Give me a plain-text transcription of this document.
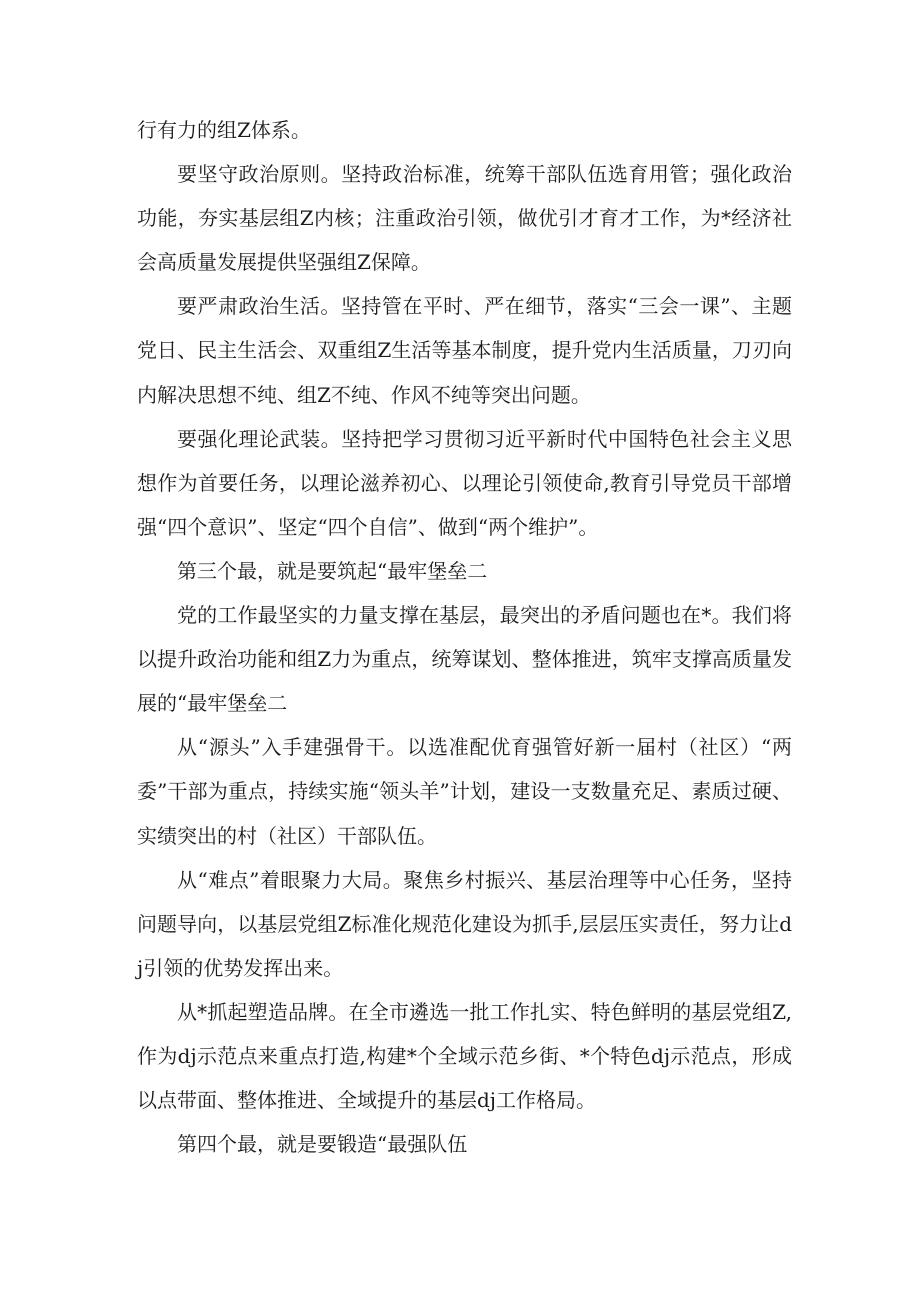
行有力的组Z体系。

要坚守政治原则。坚持政治标准，统筹干部队伍选育用管；强化政治功能，夯实基层组Z内核；注重政治引领，做优引才育才工作，为*经济社会高质量发展提供坚强组Z保障。

要严肃政治生活。坚持管在平时、严在细节，落实“三会一课”、主题党日、民主生活会、双重组Z生活等基本制度，提升党内生活质量，刀刃向内解决思想不纯、组Z不纯、作风不纯等突出问题。

要强化理论武装。坚持把学习贯彻习近平新时代中国特色社会主义思想作为首要任务，以理论滋养初心、以理论引领使命,教育引导党员干部增强“四个意识”、坚定“四个自信”、做到“两个维护”。

第三个最，就是要筑起“最牢堡垒二

党的工作最坚实的力量支撑在基层，最突出的矛盾问题也在*。我们将以提升政治功能和组Z力为重点，统筹谋划、整体推进，筑牢支撑高质量发展的“最牢堡垒二

从“源头”入手建强骨干。以选准配优育强管好新一届村（社区）“两委”干部为重点，持续实施“领头羊”计划，建设一支数量充足、素质过硬、实绩突出的村（社区）干部队伍。

从“难点”着眼聚力大局。聚焦乡村振兴、基层治理等中心任务，坚持问题导向，以基层党组Z标准化规范化建设为抓手,层层压实责任，努力让dj引领的优势发挥出来。

从*抓起塑造品牌。在全市遴选一批工作扎实、特色鲜明的基层党组Z,作为dj示范点来重点打造,构建*个全域示范乡街、*个特色dj示范点，形成以点带面、整体推进、全域提升的基层dj工作格局。

第四个最，就是要锻造“最强队伍
